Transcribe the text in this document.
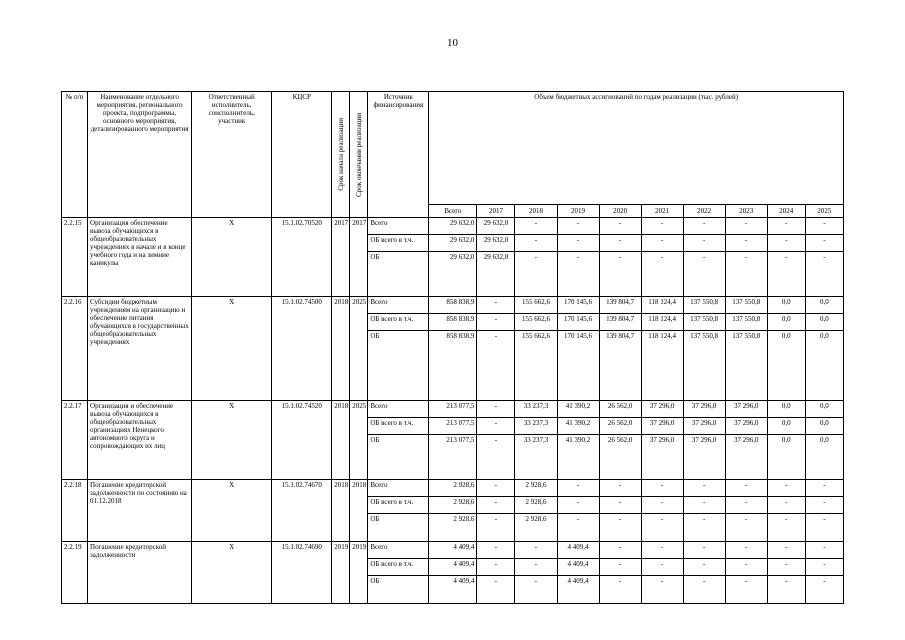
10
№ п/п	Наименование отдельного мероприятия, регионального проекта, подпрограммы, основного мероприятия, детализированного мероприятия	Ответственный исполнитель, соисполнитель, участник	КЦСР	Срок начала реализации	Срок окончания реализации	Источник финансирования	Объем бюджетных ассигнований по годам реализации (тыс. рублей)									
							Всего	2017	2018	2019	2020	2021	2022	2023	2024	2025
2.2.15	Организация обеспечение вывоза обучающихся в общеобразовательных учреждениях в начале и в конце учебного года и на зимние каникулы	Х	15.1.02.70520	2017	2017	Всего	29 632,0	29 632,0	-	-	-	-	-	-	-	-
						ОБ всего в т.ч.	29 632,0	29 632,0	-	-	-	-	-	-	-	-
						ОБ	29 632,0	29 632,0	-	-	-	-	-	-	-	-
2.2.16	Субсидии бюджетным учреждениям на организацию и обеспечение питания обучающихся в государственных общеобразовательных учреждениях	Х	15.1.02.74500	2018	2025	Всего	858 838,9	-	155 662,6	170 145,6	139 804,7	118 124,4	137 550,8	137 550,8	0,0	0,0
						ОБ всего в т.ч.	858 838,9	-	155 662,6	170 145,6	139 804,7	118 124,4	137 550,8	137 550,8	0,0	0,0
						ОБ	858 838,9	-	155 662,6	170 145,6	139 804,7	118 124,4	137 550,8	137 550,8	0,0	0,0
2.2.17	Организация и обеспечение вывоза обучающихся в общеобразовательных организациях Ненецкого автономного округа и сопровождающих их лиц	Х	15.1.02.74520	2018	2025	Всего	213 077,5	-	33 237,3	41 390,2	26 562,0	37 296,0	37 296,0	37 296,0	0,0	0,0
						ОБ всего в т.ч.	213 077,5	-	33 237,3	41 390,2	26 562,0	37 296,0	37 296,0	37 296,0	0,0	0,0
						ОБ	213 077,5	-	33 237,3	41 390,2	26 562,0	37 296,0	37 296,0	37 296,0	0,0	0,0
2.2.18	Погашение кредиторской задолженности по состоянию на 01.12.2018	Х	15.1.02.74670	2018	2018	Всего	2 928,6	-	2 928,6	-	-	-	-	-	-	-
						ОБ всего в т.ч.	2 928,6	-	2 928,6	-	-	-	-	-	-	-
						ОБ	2 928,6	-	2 928,6	-	-	-	-	-	-	-
2.2.19	Погашение кредиторской задолженности	Х	15.1.02.74690	2019	2019	Всего	4 409,4	-	-	4 409,4	-	-	-	-	-	-
						ОБ всего в т.ч.	4 409,4	-	-	4 409,4	-	-	-	-	-	-
						ОБ	4 409,4	-	-	4 409,4	-	-	-	-	-	-
